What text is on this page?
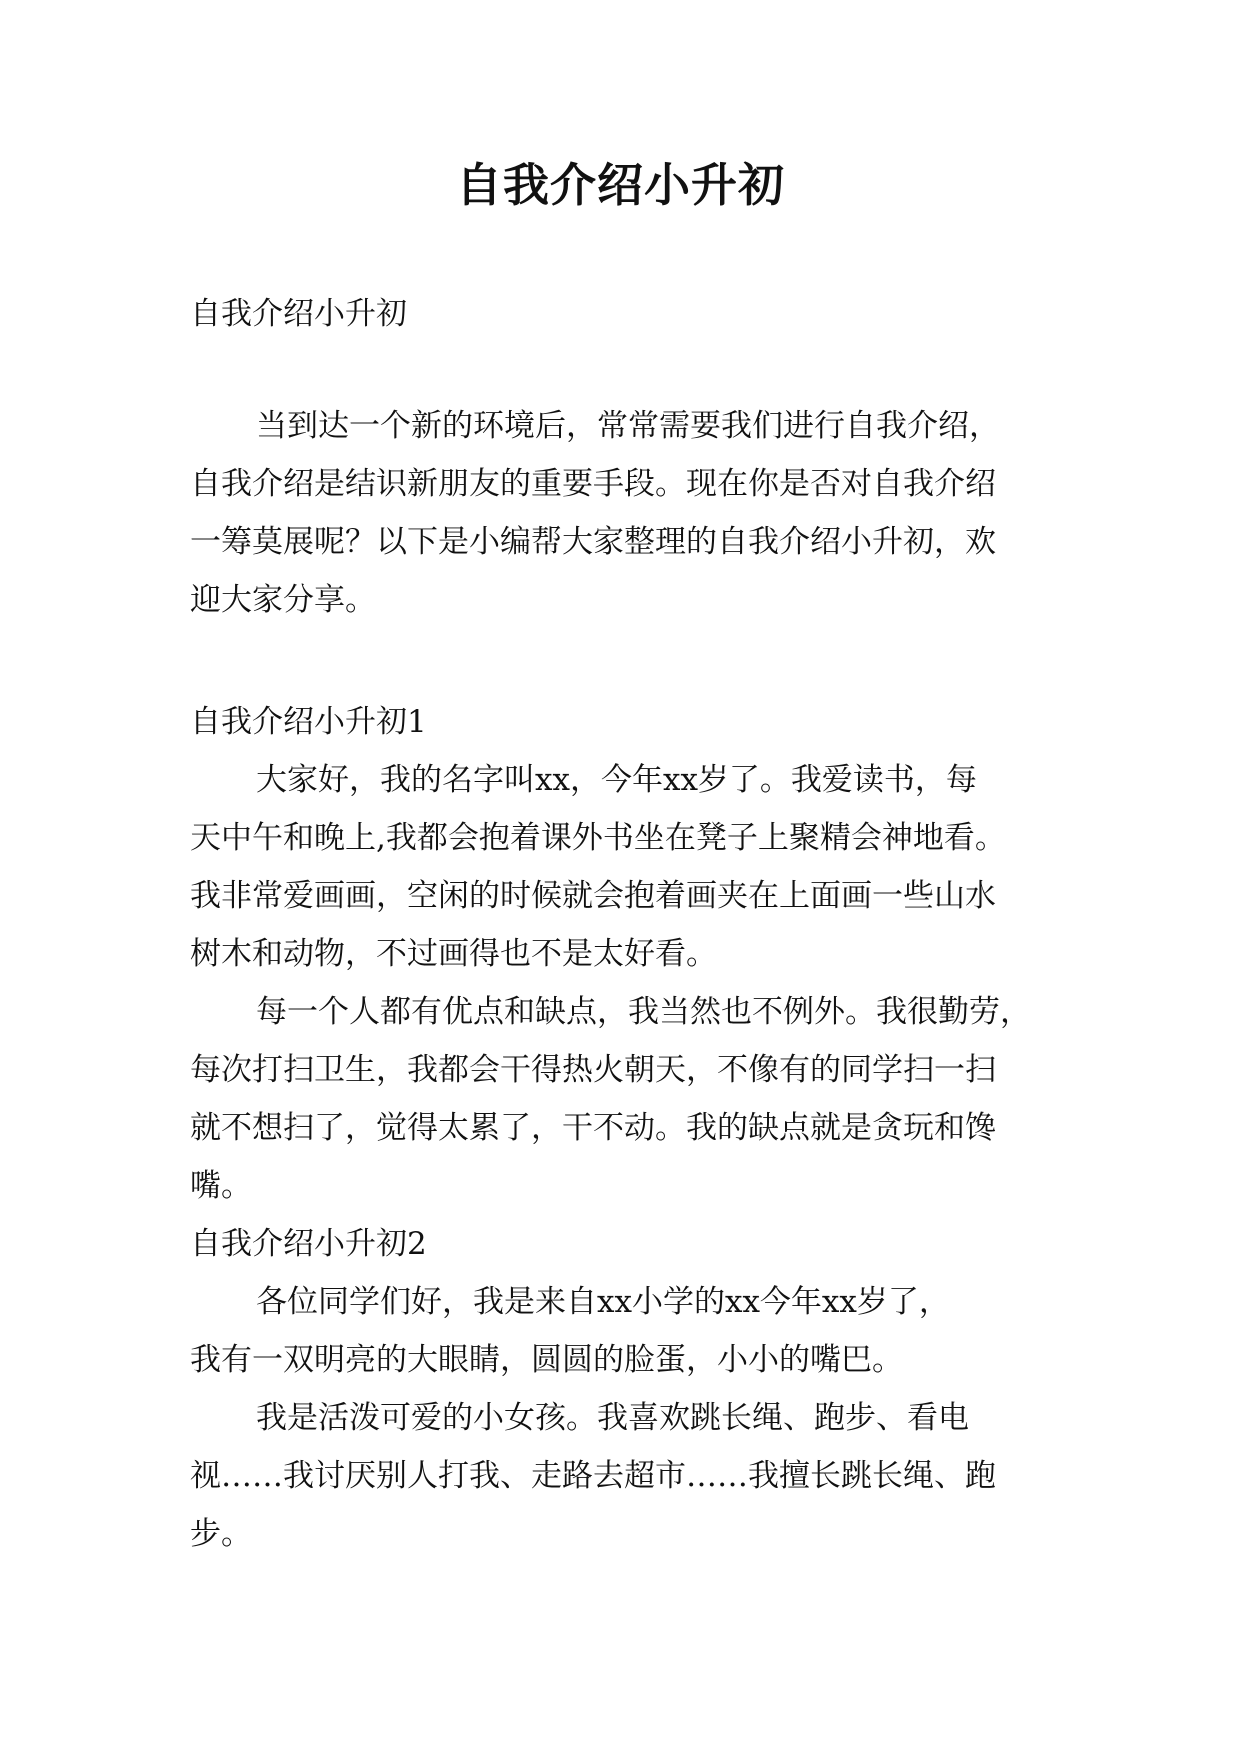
自我介绍小升初
自我介绍小升初
当到达一个新的环境后，常常需要我们进行自我介绍，
自我介绍是结识新朋友的重要手段。现在你是否对自我介绍
一筹莫展呢？以下是小编帮大家整理的自我介绍小升初，欢
迎大家分享。
自我介绍小升初1
大家好，我的名字叫xx，今年xx岁了。我爱读书，每
天中午和晚上,我都会抱着课外书坐在凳子上聚精会神地看。
我非常爱画画，空闲的时候就会抱着画夹在上面画一些山水
树木和动物，不过画得也不是太好看。
每一个人都有优点和缺点，我当然也不例外。我很勤劳，
每次打扫卫生，我都会干得热火朝天，不像有的同学扫一扫
就不想扫了，觉得太累了，干不动。我的缺点就是贪玩和馋
嘴。
自我介绍小升初2
各位同学们好，我是来自xx小学的xx今年xx岁了，
我有一双明亮的大眼睛，圆圆的脸蛋，小小的嘴巴。
我是活泼可爱的小女孩。我喜欢跳长绳、跑步、看电
视……我讨厌别人打我、走路去超市……我擅长跳长绳、跑
步。
